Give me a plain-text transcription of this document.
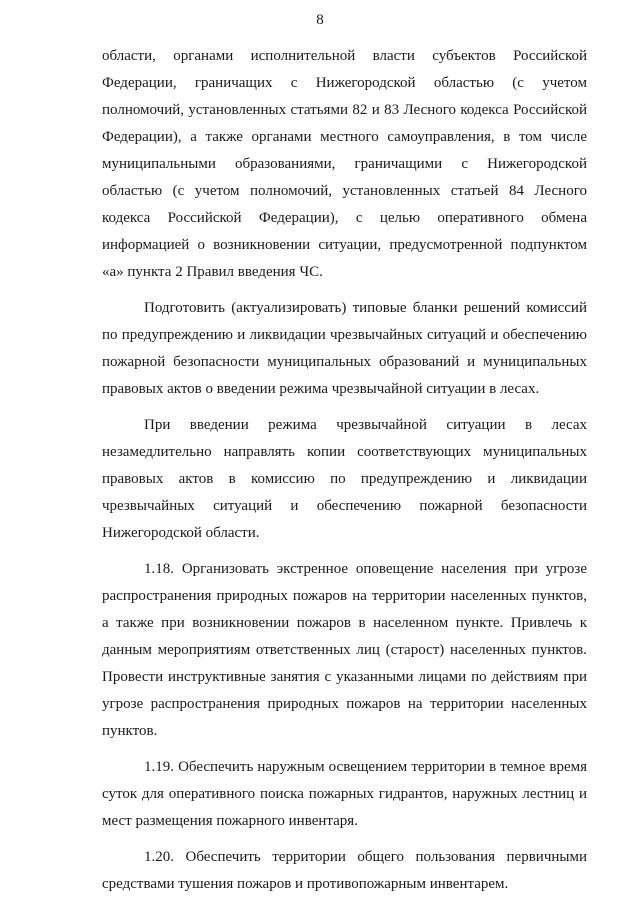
8
области, органами исполнительной власти субъектов Российской
Федерации, граничащих с Нижегородской областью (с учетом
полномочий, установленных статьями 82 и 83 Лесного кодекса Российской
Федерации), а также органами местного самоуправления, в том числе
муниципальными образованиями, граничащими с Нижегородской
областью (с учетом полномочий, установленных статьей 84 Лесного
кодекса Российской Федерации), с целью оперативного обмена
информацией о возникновении ситуации, предусмотренной подпунктом
«а» пункта 2 Правил введения ЧС.
Подготовить (актуализировать) типовые бланки решений комиссий
по предупреждению и ликвидации чрезвычайных ситуаций и обеспечению
пожарной безопасности муниципальных образований и муниципальных
правовых актов о введении режима чрезвычайной ситуации в лесах.
При введении режима чрезвычайной ситуации в лесах
незамедлительно направлять копии соответствующих муниципальных
правовых актов в комиссию по предупреждению и ликвидации
чрезвычайных ситуаций и обеспечению пожарной безопасности
Нижегородской области.
1.18. Организовать экстренное оповещение населения при угрозе
распространения природных пожаров на территории населенных пунктов,
а также при возникновении пожаров в населенном пункте. Привлечь к
данным мероприятиям ответственных лиц (старост) населенных пунктов.
Провести инструктивные занятия с указанными лицами по действиям при
угрозе распространения природных пожаров на территории населенных
пунктов.
1.19. Обеспечить наружным освещением территории в темное время
суток для оперативного поиска пожарных гидрантов, наружных лестниц и
мест размещения пожарного инвентаря.
1.20. Обеспечить территории общего пользования первичными
средствами тушения пожаров и противопожарным инвентарем.
